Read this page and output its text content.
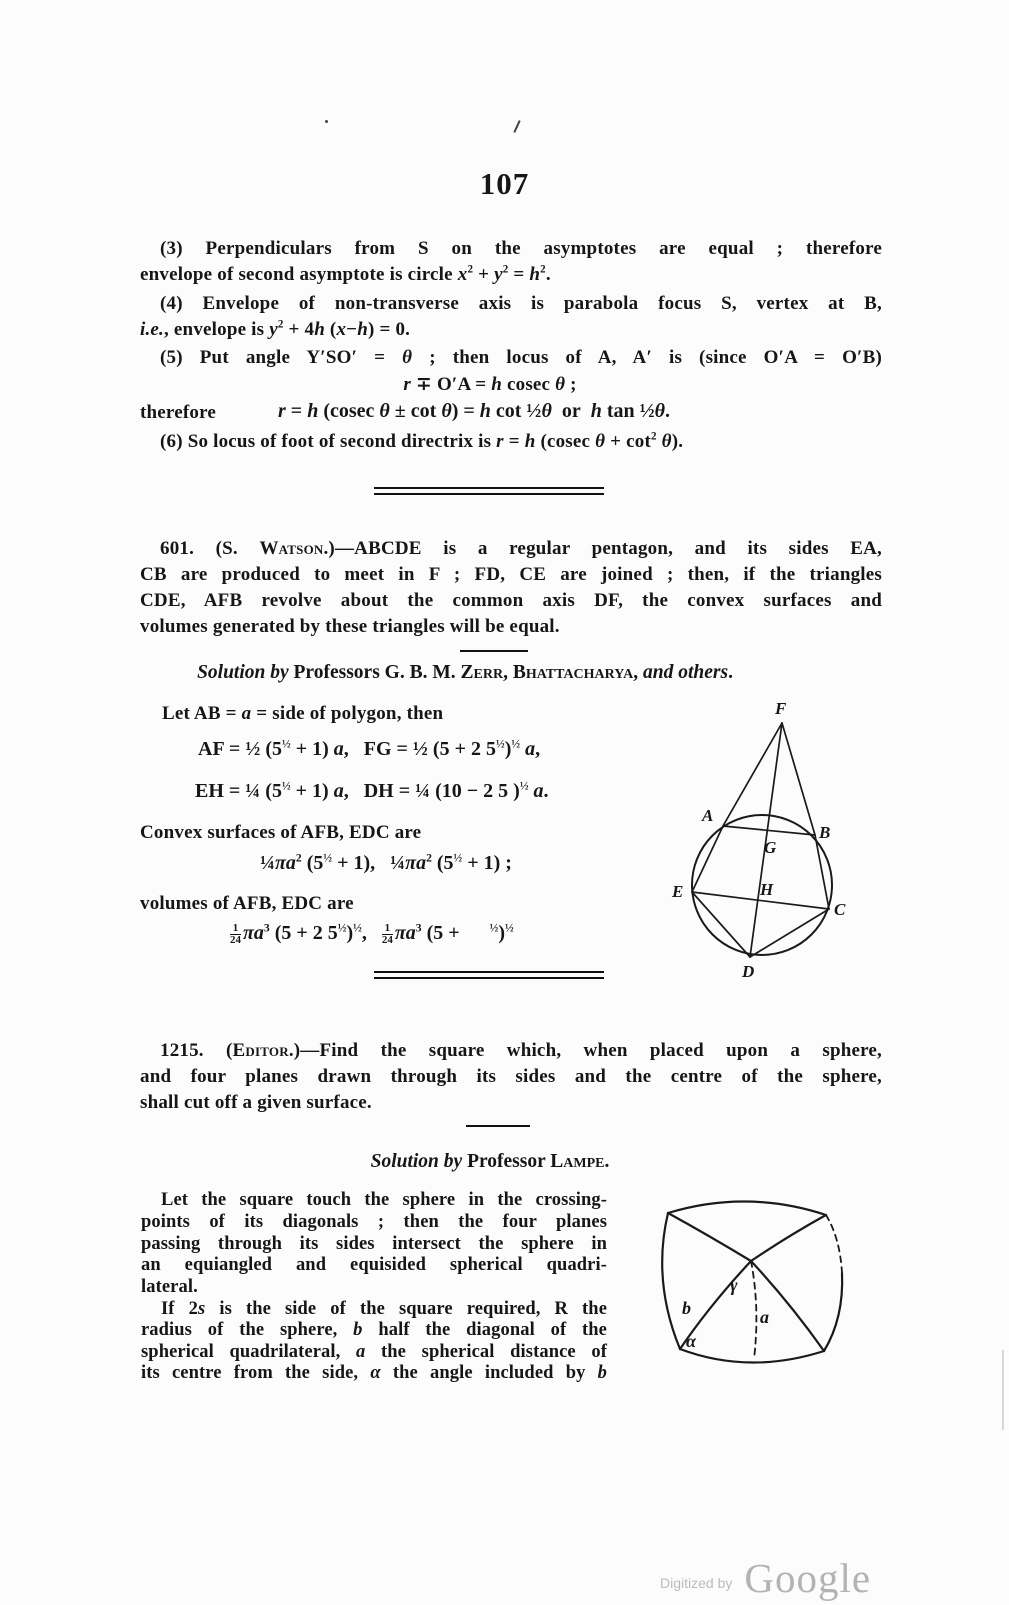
107
(3) Perpendiculars from S on the asymptotes are equal ; therefore
envelope of second asymptote is circle $x^2 + y^2 = h^2$.
(4) Envelope of non-transverse axis is parabola focus S, vertex at B,
i.e., envelope is $y^2 + 4h$ (x−h) = 0.
(5) Put angle Y′SO′ = θ ; then locus of A, A′ is (since O′A = O′B)
r ∓ O′A = h cosec θ ;
therefore	r = h (cosec θ ± cot θ) = h cot ½θ  or  h tan ½θ.
(6) So locus of foot of second directrix is r = h (cosec $\theta + \cot^2 \theta$).
601. (S. Watson.)—ABCDE is a regular pentagon, and its sides EA,
CB are produced to meet in F ; FD, CE are joined ; then, if the triangles
CDE, AFB revolve about the common axis DF, the convex surfaces and
volumes generated by these triangles will be equal.
Solution by Professors G. B. M. Zerr, Bhattacharya, and others.
Let AB = a = side of polygon, then
AF = ½ $(5^{\frac{1}{2}} + 1)$ a,   FG = ½ (5 + 2 $5^{\frac{1}{2}})^{\frac{1}{2}}$ a,
EH = ¼ $(5^{\frac{1}{2}} + 1)$ a,   DH = ¼ (10 − 2 5 )$^{\frac{1}{2}}$ a.
Convex surfaces of AFB, EDC are
$\frac{1}{4}\pi a^2$ $(5^{\frac{1}{2}} + 1)$,   $\frac{1}{4}\pi a^2$ $(5^{\frac{1}{2}} + 1)$ ;
volumes of AFB, EDC are
$\frac{1}{24} \pi a^3$ (5 + 2 $5^{\frac{1}{2}})^{\frac{1}{2}}$, $\frac{1}{24} \pi a^3$ (5 +      $^{\frac{1}{2}}$)$^{\frac{1}{2}}$
F
A
B
G
E	H
C
D
1215. (Editor.)—Find the square which, when placed upon a sphere,
and four planes drawn through its sides and the centre of the sphere,
shall cut off a given surface.
Solution by Professor Lampe.
Let the square touch the sphere in the crossing-
points of its diagonals ; then the four planes
passing through its sides intersect the sphere in
an equiangled and equisided spherical quadri-
lateral.
If 2s is the side of the square required, R the
radius of the sphere, b half the diagonal of the
spherical quadrilateral, a the spherical distance of
its centre from the side, α the angle included by b
γ
b	a
α
Digitized by Google
